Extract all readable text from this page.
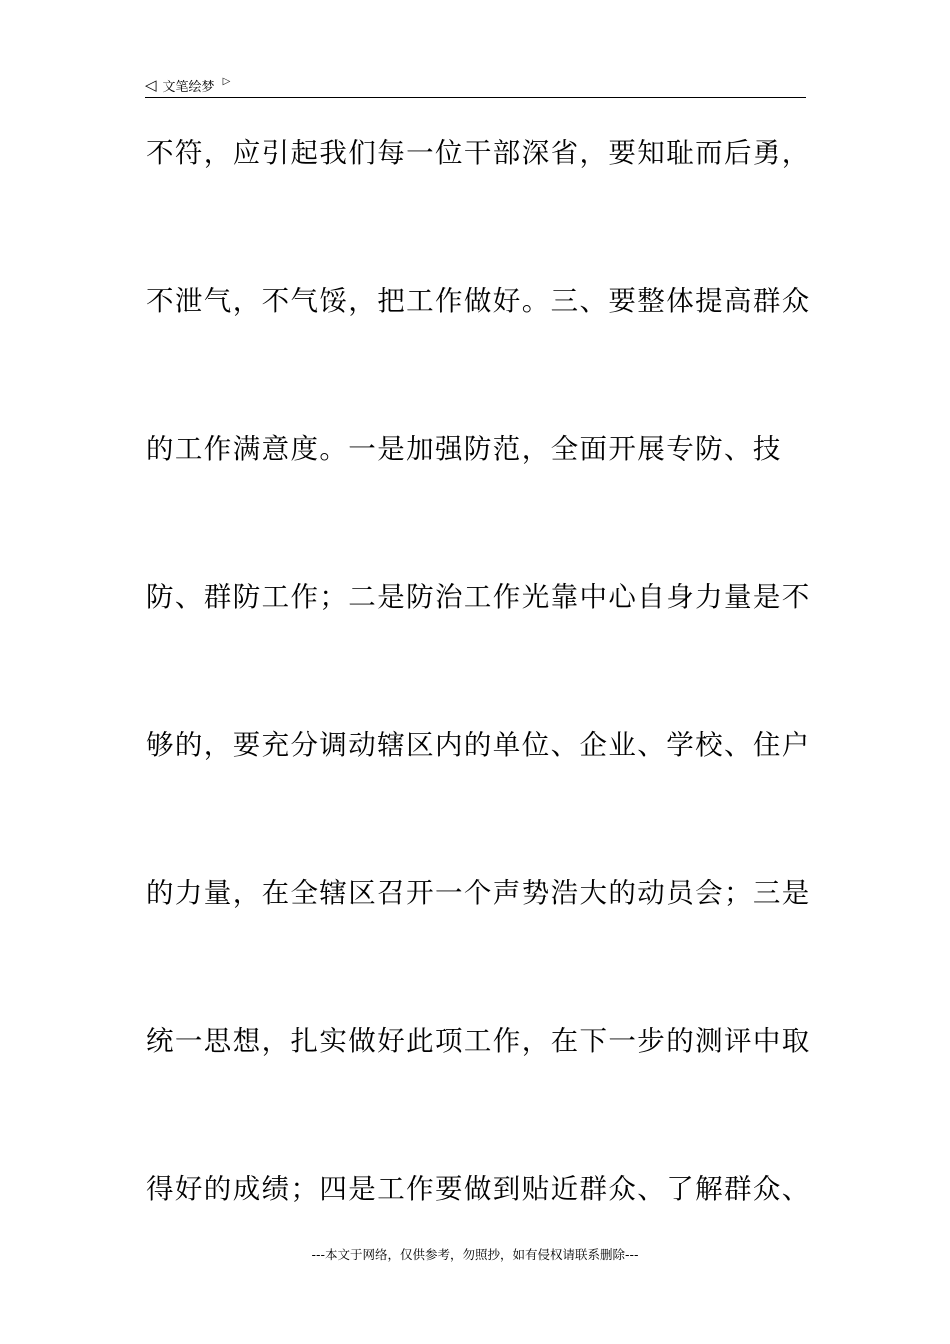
◁ 文笔绘梦 ▷
不符，应引起我们每一位干部深省，要知耻而后勇，
不泄气，不气馁，把工作做好。三、要整体提高群众
的工作满意度。一是加强防范，全面开展专防、技
防、群防工作；二是防治工作光靠中心自身力量是不
够的，要充分调动辖区内的单位、企业、学校、住户
的力量，在全辖区召开一个声势浩大的动员会；三是
统一思想，扎实做好此项工作，在下一步的测评中取
得好的成绩；四是工作要做到贴近群众、了解群众、
---本文于网络，仅供参考，勿照抄，如有侵权请联系删除---
